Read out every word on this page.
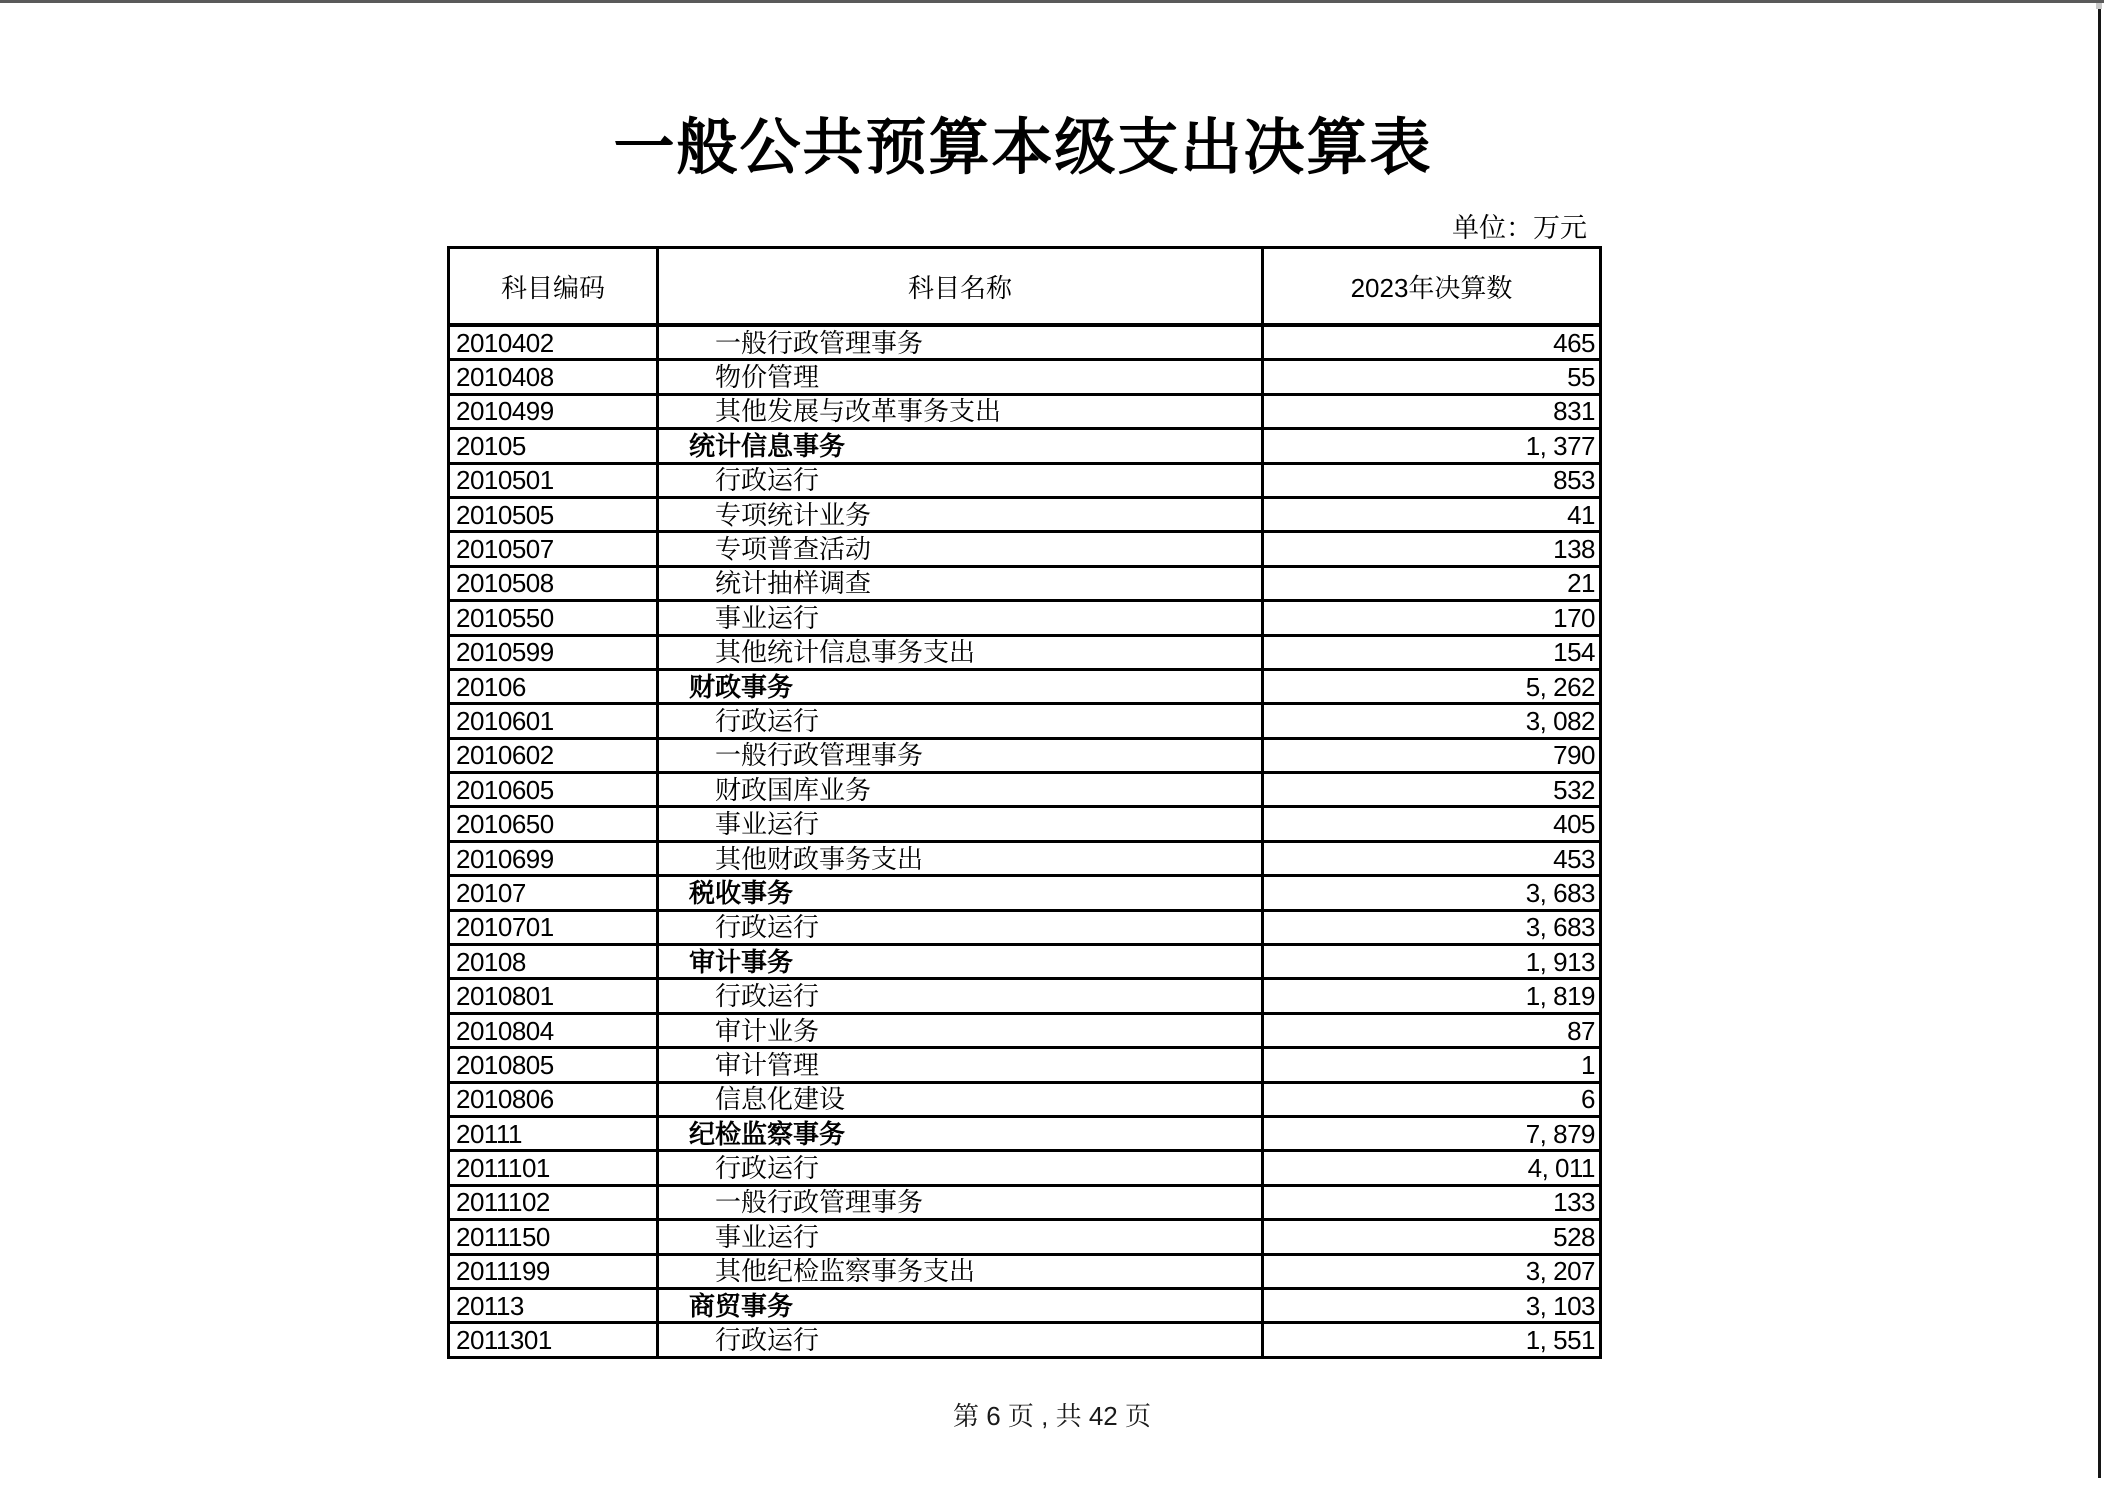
一般公共预算本级支出决算表
单位：万元
科目编码	科目名称	2023年决算数
2010402	一般行政管理事务	465
2010408	物价管理	55
2010499	其他发展与改革事务支出	831
20105	统计信息事务	1, 377
2010501	行政运行	853
2010505	专项统计业务	41
2010507	专项普查活动	138
2010508	统计抽样调查	21
2010550	事业运行	170
2010599	其他统计信息事务支出	154
20106	财政事务	5, 262
2010601	行政运行	3, 082
2010602	一般行政管理事务	790
2010605	财政国库业务	532
2010650	事业运行	405
2010699	其他财政事务支出	453
20107	税收事务	3, 683
2010701	行政运行	3, 683
20108	审计事务	1, 913
2010801	行政运行	1, 819
2010804	审计业务	87
2010805	审计管理	1
2010806	信息化建设	6
20111	纪检监察事务	7, 879
2011101	行政运行	4, 011
2011102	一般行政管理事务	133
2011150	事业运行	528
2011199	其他纪检监察事务支出	3, 207
20113	商贸事务	3, 103
2011301	行政运行	1, 551
第 6 页 , 共 42 页
